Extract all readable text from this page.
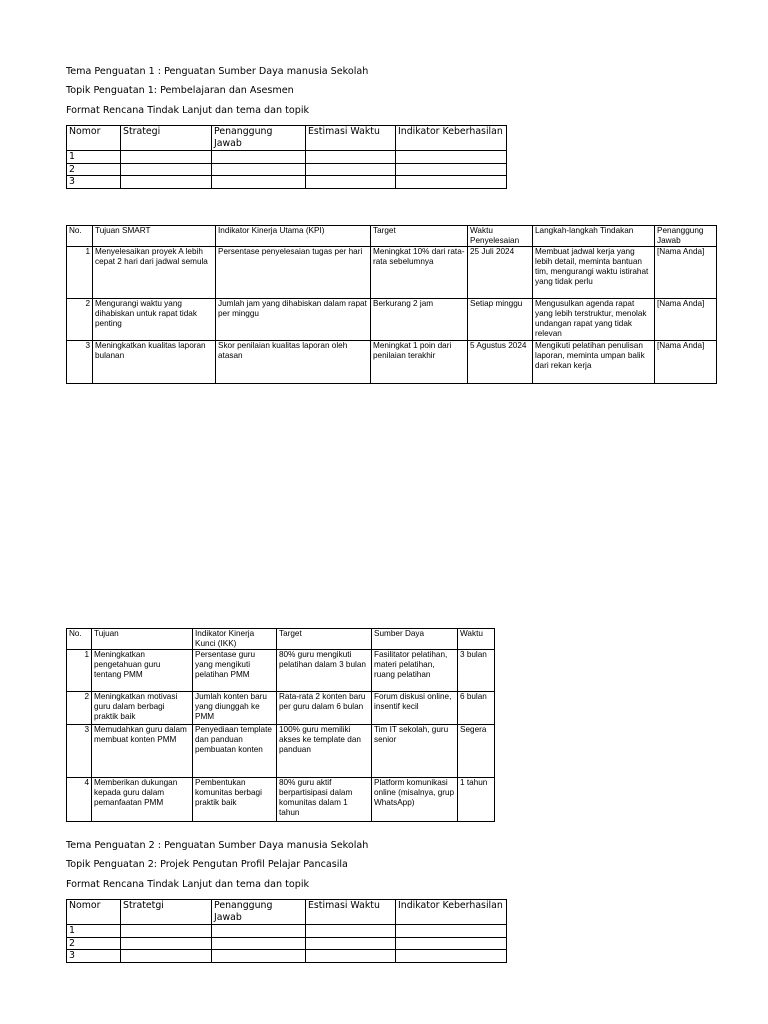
Tema Penguatan 1 : Penguatan Sumber Daya manusia Sekolah
Topik Penguatan 1: Pembelajaran dan Asesmen
Format Rencana Tindak Lanjut dan tema dan topik
Nomor	Strategi	Penanggung Jawab	Estimasi Waktu	Indikator Keberhasilan
1				
2				
3				
No.	Tujuan SMART	Indikator Kinerja Utama (KPI)	Target	Waktu Penyelesaian	Langkah-langkah Tindakan	Penanggung Jawab
1	Menyelesaikan proyek A lebih cepat 2 hari dari jadwal semula	Persentase penyelesaian tugas per hari	Meningkat 10% dari rata-rata sebelumnya	25 Juli 2024	Membuat jadwal kerja yang lebih detail, meminta bantuan tim, mengurangi waktu istirahat yang tidak perlu	[Nama Anda]
2	Mengurangi waktu yang dihabiskan untuk rapat tidak penting	Jumlah jam yang dihabiskan dalam rapat per minggu	Berkurang 2 jam	Setiap minggu	Mengusulkan agenda rapat yang lebih terstruktur, menolak undangan rapat yang tidak relevan	[Nama Anda]
3	Meningkatkan kualitas laporan bulanan	Skor penilaian kualitas laporan oleh atasan	Meningkat 1 poin dari penilaian terakhir	5 Agustus 2024	Mengikuti pelatihan penulisan laporan, meminta umpan balik dari rekan kerja	[Nama Anda]
No.	Tujuan	Indikator Kinerja Kunci (IKK)	Target	Sumber Daya	Waktu
1	Meningkatkan pengetahuan guru tentang PMM	Persentase guru yang mengikuti pelatihan PMM	80% guru mengikuti pelatihan dalam 3 bulan	Fasilitator pelatihan, materi pelatihan, ruang pelatihan	3 bulan
2	Meningkatkan motivasi guru dalam berbagi praktik baik	Jumlah konten baru yang diunggah ke PMM	Rata-rata 2 konten baru per guru dalam 6 bulan	Forum diskusi online, insentif kecil	6 bulan
3	Memudahkan guru dalam membuat konten PMM	Penyediaan template dan panduan pembuatan konten	100% guru memiliki akses ke template dan panduan	Tim IT sekolah, guru senior	Segera
4	Memberikan dukungan kepada guru dalam pemanfaatan PMM	Pembentukan komunitas berbagi praktik baik	80% guru aktif berpartisipasi dalam komunitas dalam 1 tahun	Platform komunikasi online (misalnya, grup WhatsApp)	1 tahun
Tema Penguatan 2 : Penguatan Sumber Daya manusia Sekolah
Topik Penguatan 2: Projek Pengutan Profil Pelajar Pancasila
Format Rencana Tindak Lanjut dan tema dan topik
Nomor	Stratetgi	Penanggung Jawab	Estimasi Waktu	Indikator Keberhasilan
1				
2				
3				
